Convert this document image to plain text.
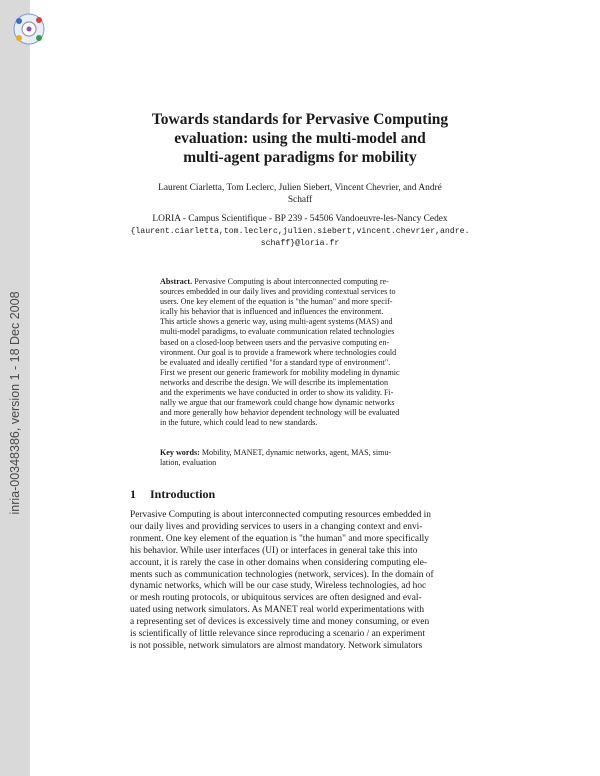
inria-00348386, version 1 - 18 Dec 2008
Towards standards for Pervasive Computing
evaluation: using the multi-model and
multi-agent paradigms for mobility
Laurent Ciarletta, Tom Leclerc, Julien Siebert, Vincent Chevrier, and André
Schaff
LORIA - Campus Scientifique - BP 239 - 54506 Vandoeuvre-les-Nancy Cedex
{laurent.ciarletta,tom.leclerc,julien.siebert,vincent.chevrier,andre.
schaff}@loria.fr
Abstract. Pervasive Computing is about interconnected computing re-
sources embedded in our daily lives and providing contextual services to
users. One key element of the equation is "the human" and more specif-
ically his behavior that is influenced and influences the environment.
This article shows a generic way, using multi-agent systems (MAS) and
multi-model paradigms, to evaluate communication related technologies
based on a closed-loop between users and the pervasive computing en-
vironment. Our goal is to provide a framework where technologies could
be evaluated and ideally certified "for a standard type of environment".
First we present our generic framework for mobility modeling in dynamic
networks and describe the design. We will describe its implementation
and the experiments we have conducted in order to show its validity. Fi-
nally we argue that our framework could change how dynamic networks
and more generally how behavior dependent technology will be evaluated
in the future, which could lead to new standards.
Key words: Mobility, MANET, dynamic networks, agent, MAS, simu-
lation, evaluation
1 Introduction
Pervasive Computing is about interconnected computing resources embedded in
our daily lives and providing services to users in a changing context and envi-
ronment. One key element of the equation is "the human" and more specifically
his behavior. While user interfaces (UI) or interfaces in general take this into
account, it is rarely the case in other domains when considering computing ele-
ments such as communication technologies (network, services). In the domain of
dynamic networks, which will be our case study, Wireless technologies, ad hoc
or mesh routing protocols, or ubiquitous services are often designed and eval-
uated using network simulators. As MANET real world experimentations with
a representing set of devices is excessively time and money consuming, or even
is scientifically of little relevance since reproducing a scenario / an experiment
is not possible, network simulators are almost mandatory. Network simulators
